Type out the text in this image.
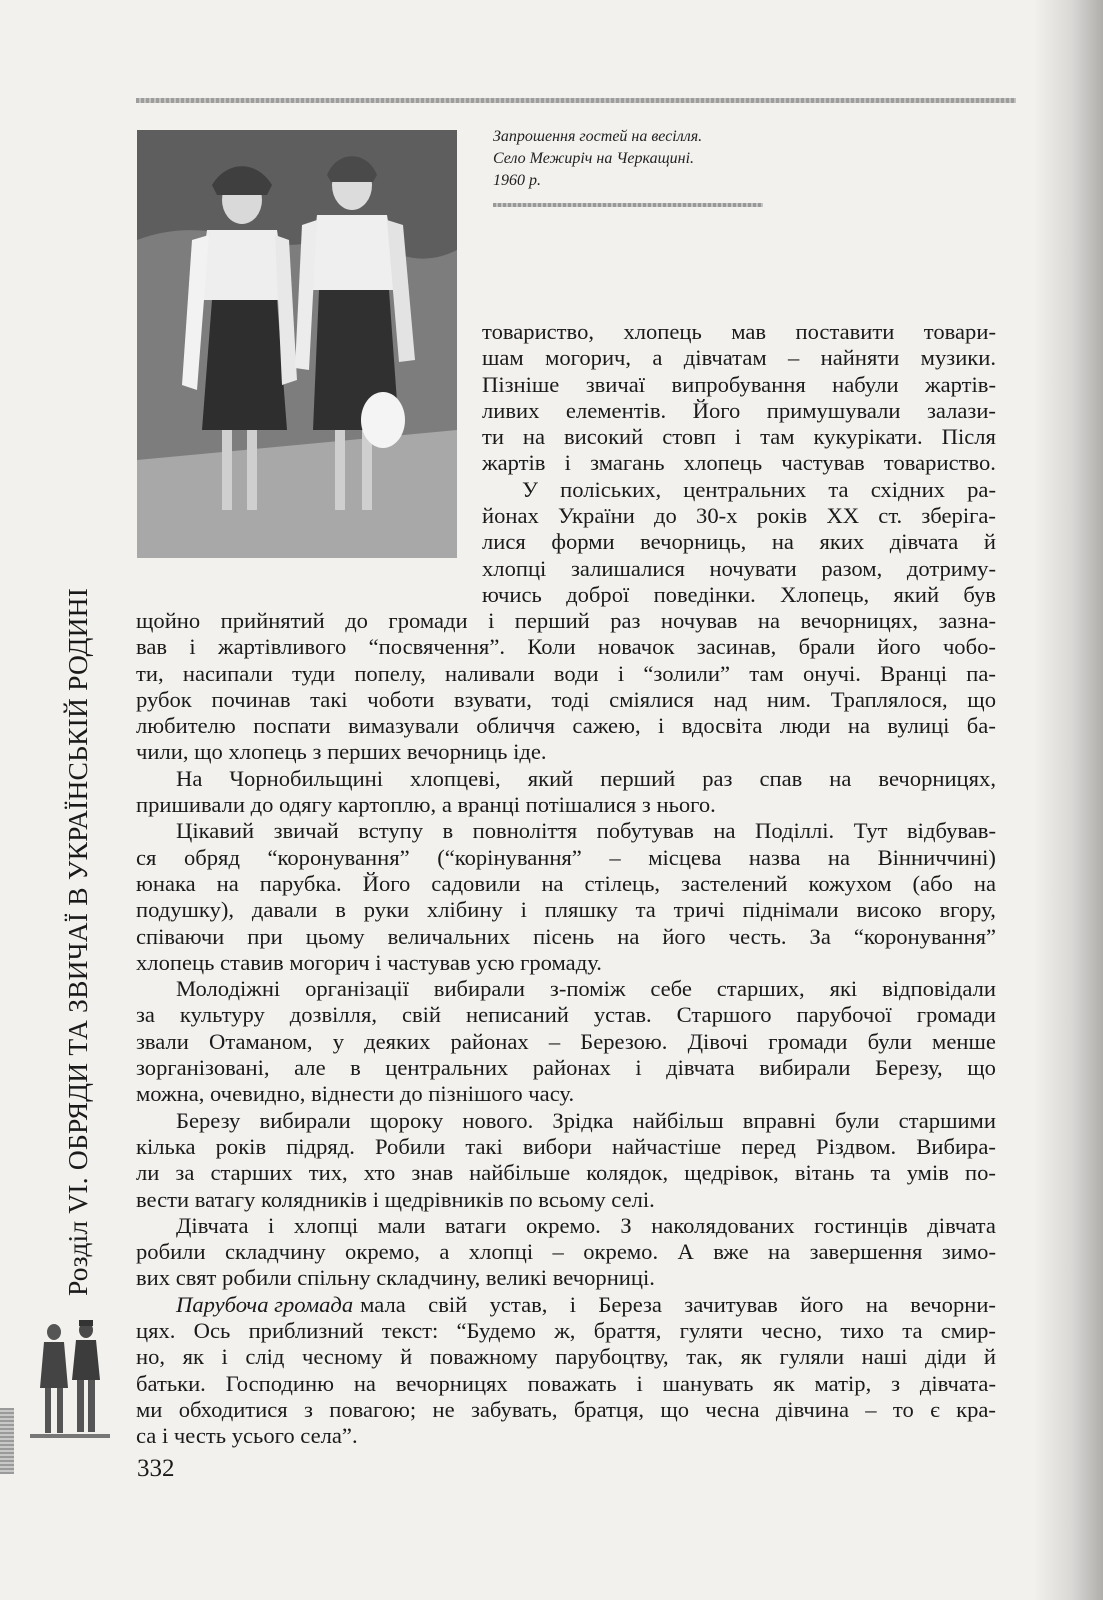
Запрошення гостей на весілля.
Село Межиріч на Черкащині.
1960 р.
Розділ VI. ОБРЯДИ ТА ЗВИЧАЇ В УКРАЇНСЬКІЙ РОДИНІ
товариство, хлопець мав поставити товари-
шам могорич, а дівчатам – найняти музики.
Пізніше звичаї випробування набули жартів-
ливих елементів. Його примушували залази-
ти на високий стовп і там кукурікати. Після
жартів і змагань хлопець частував товариство.
У поліських, центральних та східних ра-
йонах України до 30-х років XX ст. зберіга-
лися форми вечорниць, на яких дівчата й
хлопці залишалися ночувати разом, дотриму-
ючись доброї поведінки. Хлопець, який був
щойно прийнятий до громади і перший раз ночував на вечорницях, зазна-
вав і жартівливого “посвячення”. Коли новачок засинав, брали його чобо-
ти, насипали туди попелу, наливали води і “золили” там онучі. Вранці па-
рубок починав такі чоботи взувати, тоді сміялися над ним. Траплялося, що
любителю поспати вимазували обличчя сажею, і вдосвіта люди на вулиці ба-
чили, що хлопець з перших вечорниць іде.
На Чорнобильщині хлопцеві, який перший раз спав на вечорницях,
пришивали до одягу картоплю, а вранці потішалися з нього.
Цікавий звичай вступу в повноліття побутував на Поділлі. Тут відбував-
ся обряд “коронування” (“корінування” – місцева назва на Вінниччині)
юнака на парубка. Його садовили на стілець, застелений кожухом (або на
подушку), давали в руки хлібину і пляшку та тричі піднімали високо вгору,
співаючи при цьому величальних пісень на його честь. За “коронування”
хлопець ставив могорич і частував усю громаду.
Молодіжні організації вибирали з-поміж себе старших, які відповідали
за культуру дозвілля, свій неписаний устав. Старшого парубочої громади
звали Отаманом, у деяких районах – Березою. Дівочі громади були менше
зорганізовані, але в центральних районах і дівчата вибирали Березу, що
можна, очевидно, віднести до пізнішого часу.
Березу вибирали щороку нового. Зрідка найбільш вправні були старшими
кілька років підряд. Робили такі вибори найчастіше перед Різдвом. Вибира-
ли за старших тих, хто знав найбільше колядок, щедрівок, вітань та умів по-
вести ватагу колядників і щедрівників по всьому селі.
Дівчата і хлопці мали ватаги окремо. З наколядованих гостинців дівчата
робили складчину окремо, а хлопці – окремо. А вже на завершення зимо-
вих свят робили спільну складчину, великі вечорниці.
Парубоча громада мала свій устав, і Береза зачитував його на вечорни-
цях. Ось приблизний текст: “Будемо ж, браття, гуляти чесно, тихо та смир-
но, як і слід чесному й поважному парубоцтву, так, як гуляли наші діди й
батьки. Господиню на вечорницях поважать і шанувать як матір, з дівчата-
ми обходитися з повагою; не забувать, братця, що чесна дівчина – то є кра-
са і честь усього села”.
332
